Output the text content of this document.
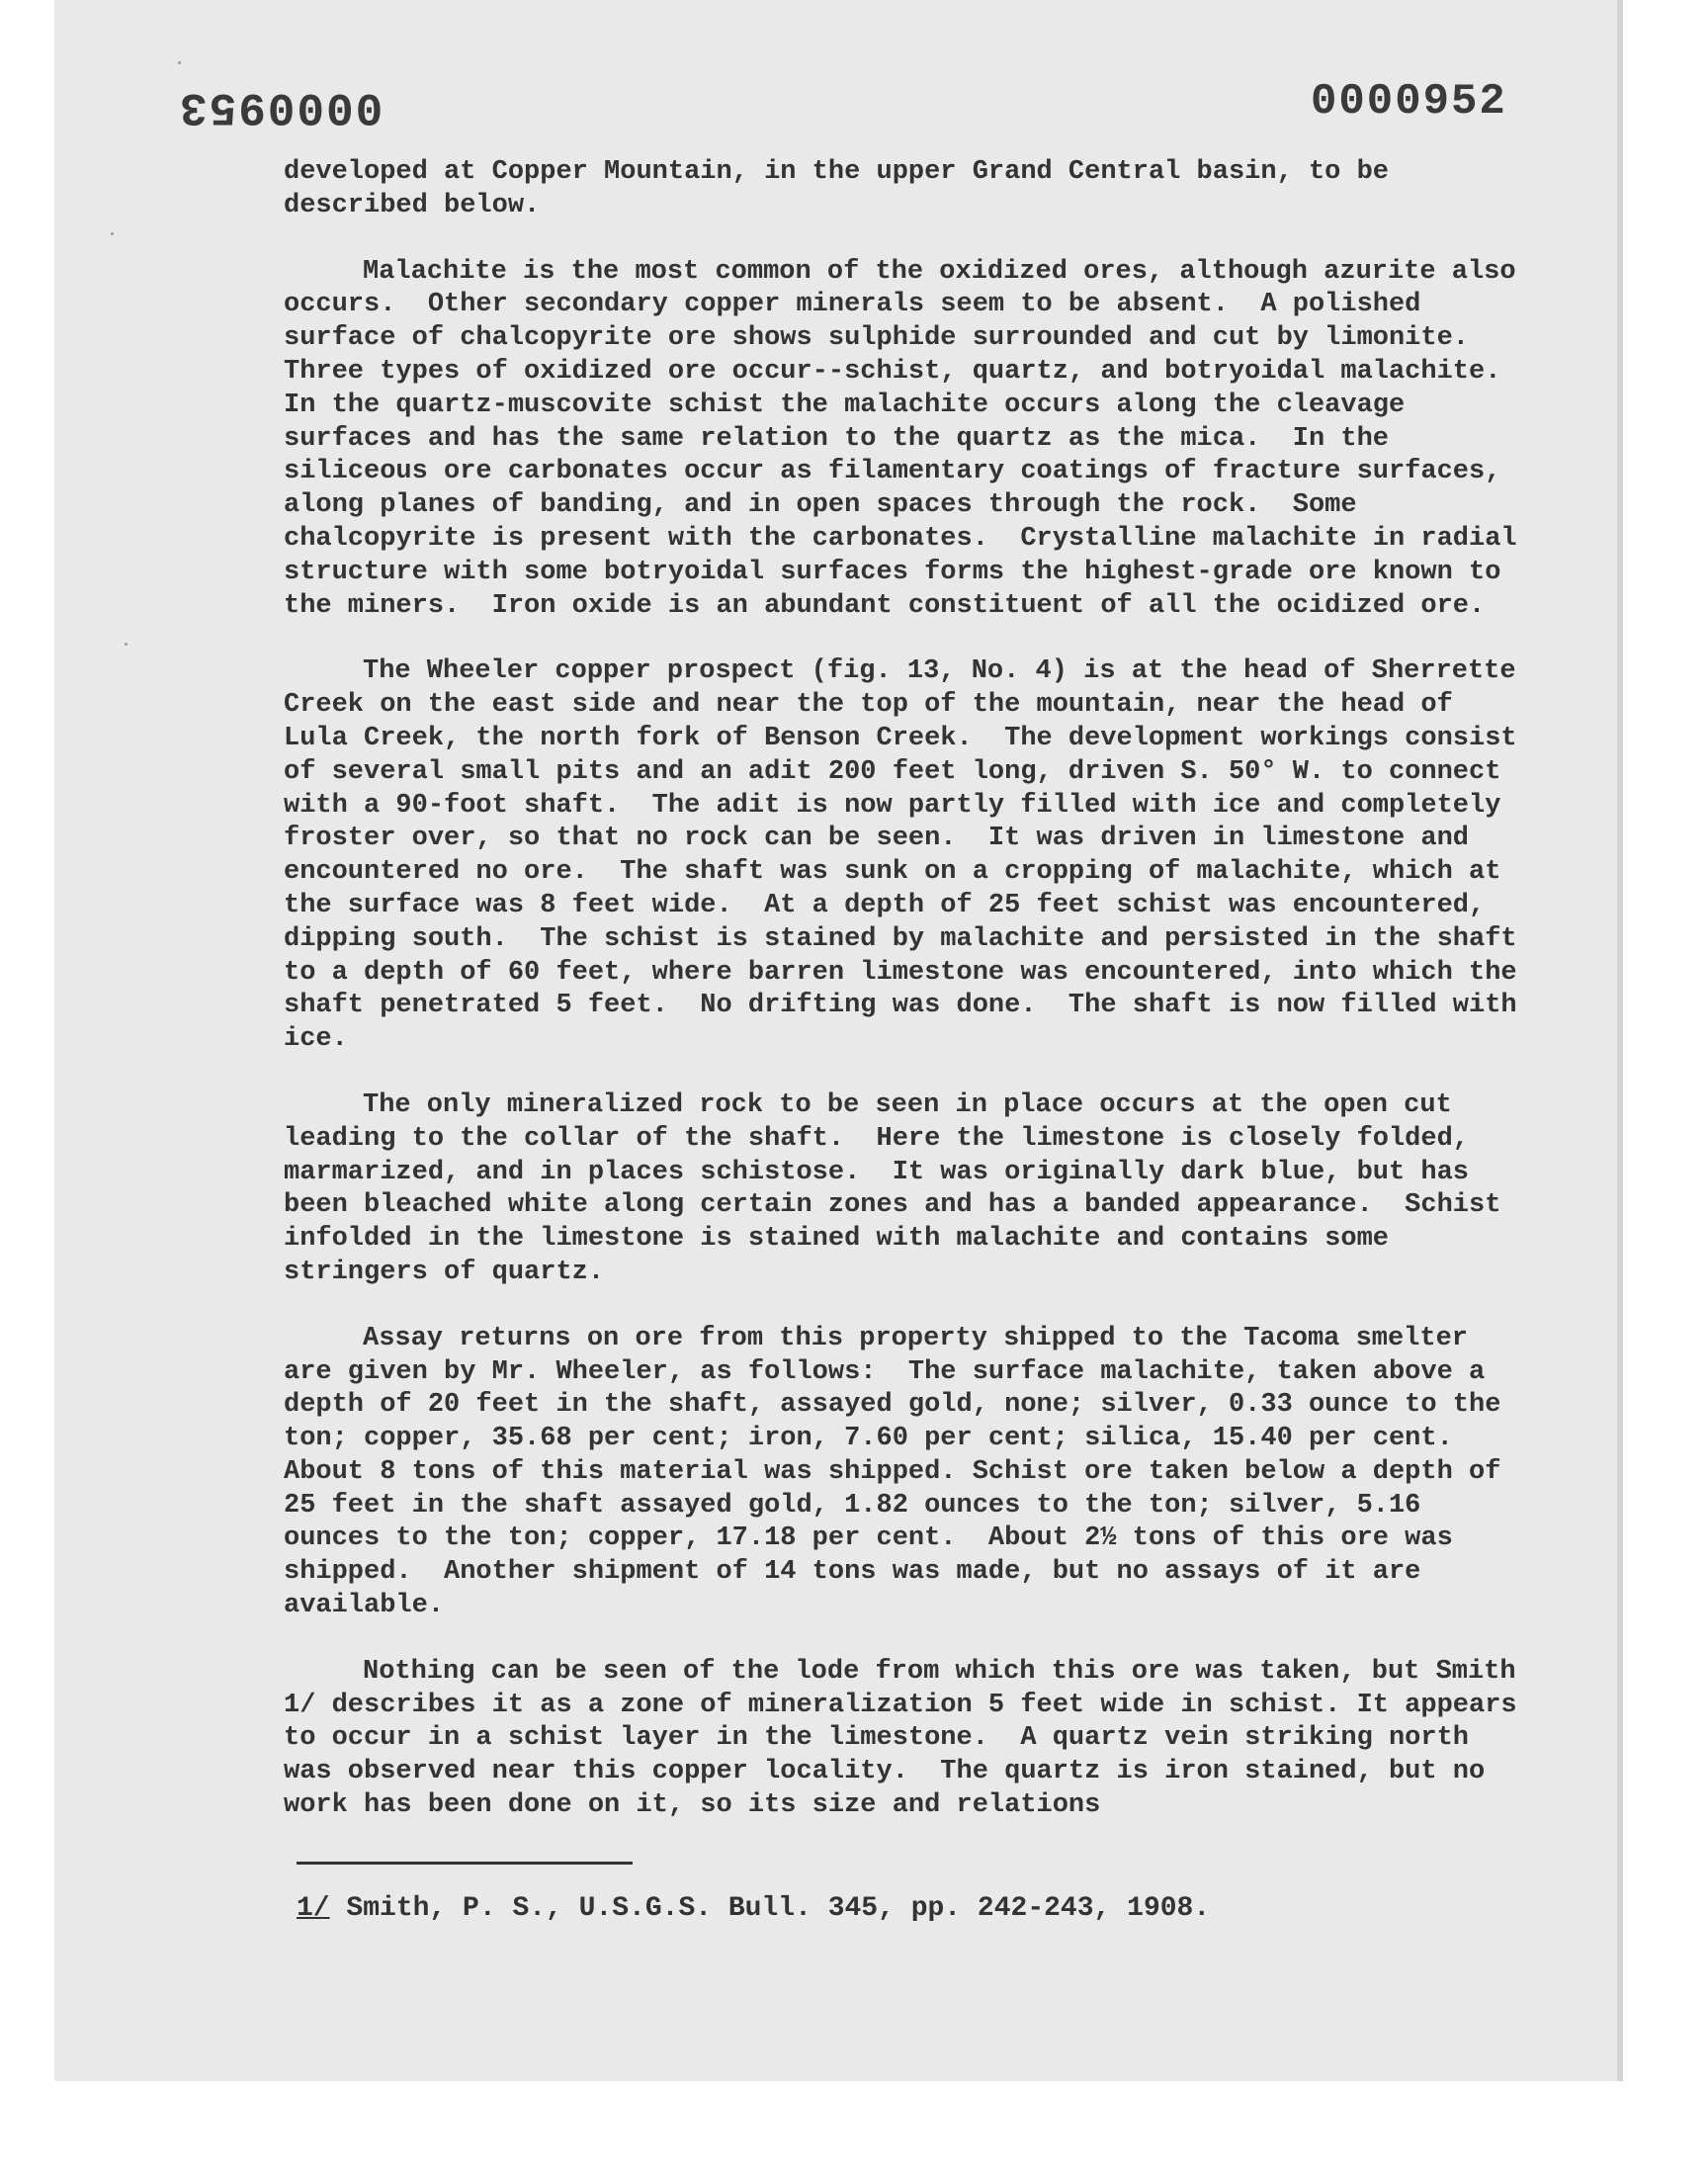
0000953	0000952

developed at Copper Mountain, in the upper Grand Central basin, to be described below.

Malachite is the most common of the oxidized ores, although azurite also occurs.  Other secondary copper minerals seem to be absent.  A polished surface of chalcopyrite ore shows sulphide surrounded and cut by limonite.  Three types of oxidized ore occur--schist, quartz, and botryoidal malachite.  In the quartz-muscovite schist the malachite occurs along the cleavage surfaces and has the same relation to the quartz as the mica.  In the siliceous ore carbonates occur as filamentary coatings of fracture surfaces, along planes of banding, and in open spaces through the rock.  Some chalcopyrite is present with the carbonates.  Crystalline malachite in radial structure with some botryoidal surfaces forms the highest-grade ore known to the miners.  Iron oxide is an abundant constituent of all the ocidized ore.

The Wheeler copper prospect (fig. 13, No. 4) is at the head of Sherrette Creek on the east side and near the top of the mountain, near the head of Lula Creek, the north fork of Benson Creek.  The development workings consist of several small pits and an adit 200 feet long, driven S. 50° W. to connect with a 90-foot shaft.  The adit is now partly filled with ice and completely froster over, so that no rock can be seen.  It was driven in limestone and encountered no ore.  The shaft was sunk on a cropping of malachite, which at the surface was 8 feet wide.  At a depth of 25 feet schist was encountered, dipping south.  The schist is stained by malachite and persisted in the shaft to a depth of 60 feet, where barren limestone was encountered, into which the shaft penetrated 5 feet.  No drifting was done.  The shaft is now filled with ice.

The only mineralized rock to be seen in place occurs at the open cut leading to the collar of the shaft.  Here the limestone is closely folded, marmarized, and in places schistose.  It was originally dark blue, but has been bleached white along certain zones and has a banded appearance.  Schist infolded in the limestone is stained with malachite and contains some stringers of quartz.

Assay returns on ore from this property shipped to the Tacoma smelter are given by Mr. Wheeler, as follows:  The surface malachite, taken above a depth of 20 feet in the shaft, assayed gold, none; silver, 0.33 ounce to the ton; copper, 35.68 per cent; iron, 7.60 per cent; silica, 15.40 per cent.  About 8 tons of this material was shipped. Schist ore taken below a depth of 25 feet in the shaft assayed gold, 1.82 ounces to the ton; silver, 5.16 ounces to the ton; copper, 17.18 per cent.  About 2½ tons of this ore was shipped.  Another shipment of 14 tons was made, but no assays of it are available.

Nothing can be seen of the lode from which this ore was taken, but Smith 1/ describes it as a zone of mineralization 5 feet wide in schist. It appears to occur in a schist layer in the limestone.  A quartz vein striking north was observed near this copper locality.  The quartz is iron stained, but no work has been done on it, so its size and relations

1/ Smith, P. S., U.S.G.S. Bull. 345, pp. 242-243, 1908.
